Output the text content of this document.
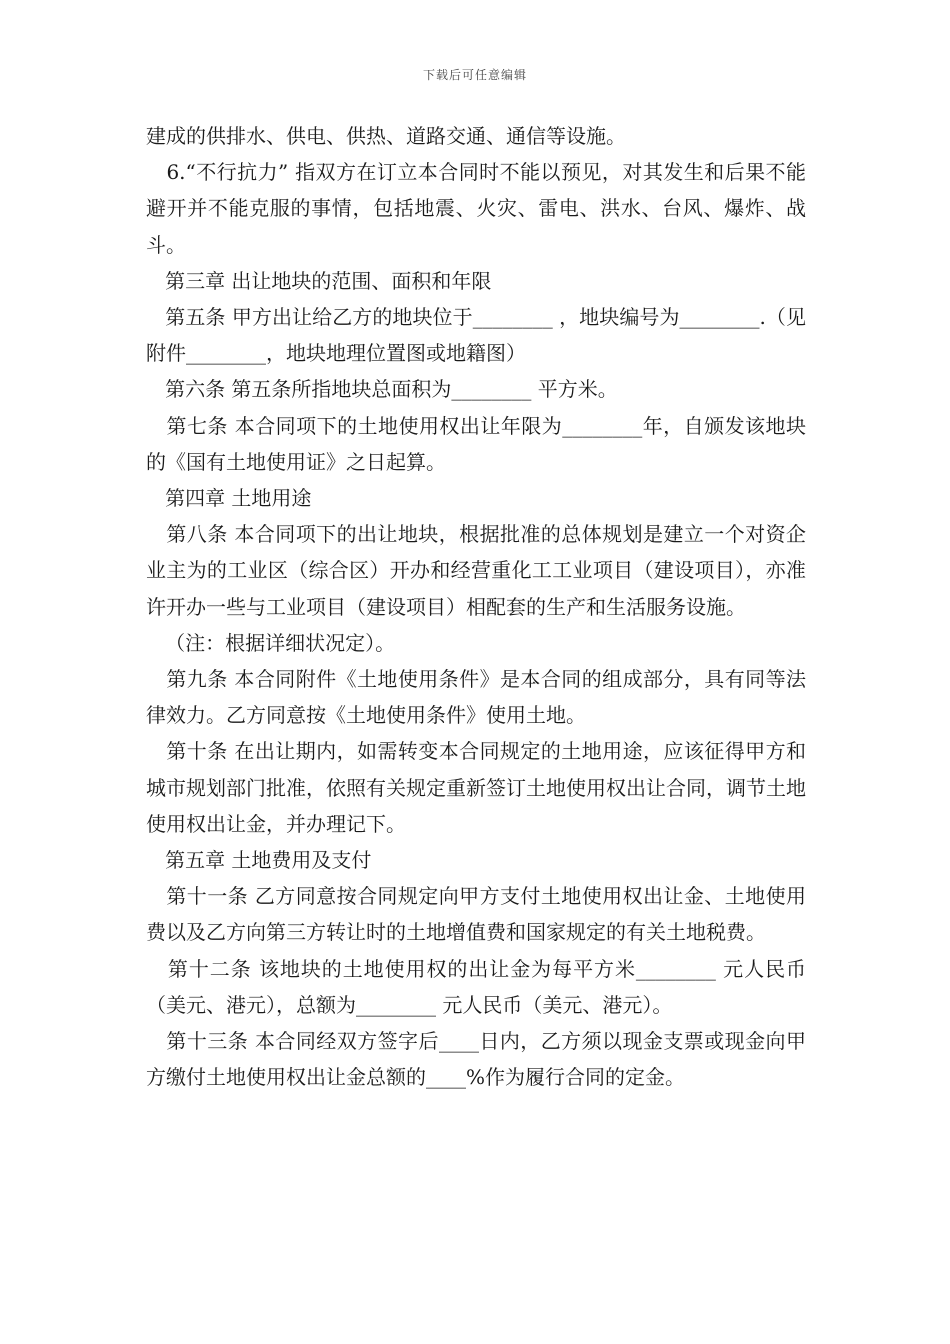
下载后可任意编辑

建成的供排水、供电、供热、道路交通、通信等设施。

6.“不行抗力” 指双方在订立本合同时不能以预见，对其发生和后果不能避开并不能克服的事情，包括地震、火灾、雷电、洪水、台风、爆炸、战斗。

第三章 出让地块的范围、面积和年限

第五条 甲方出让给乙方的地块位于________ ，地块编号为________.（见附件________，地块地理位置图或地籍图）

第六条 第五条所指地块总面积为________ 平方米。

第七条 本合同项下的土地使用权出让年限为________年，自颁发该地块的《国有土地使用证》之日起算。

第四章 土地用途

第八条 本合同项下的出让地块，根据批准的总体规划是建立一个对资企业主为的工业区（综合区）开办和经营重化工工业项目（建设项目），亦准许开办一些与工业项目（建设项目）相配套的生产和生活服务设施。

（注：根据详细状况定）。

第九条 本合同附件《土地使用条件》是本合同的组成部分，具有同等法律效力。乙方同意按《土地使用条件》使用土地。

第十条 在出让期内，如需转变本合同规定的土地用途，应该征得甲方和城市规划部门批准，依照有关规定重新签订土地使用权出让合同，调节土地使用权出让金，并办理记下。

第五章 土地费用及支付

第十一条 乙方同意按合同规定向甲方支付土地使用权出让金、土地使用费以及乙方向第三方转让时的土地增值费和国家规定的有关土地税费。

第十二条 该地块的土地使用权的出让金为每平方米________ 元人民币（美元、港元），总额为________ 元人民币（美元、港元）。

第十三条 本合同经双方签字后____日内，乙方须以现金支票或现金向甲方缴付土地使用权出让金总额的____%作为履行合同的定金。
